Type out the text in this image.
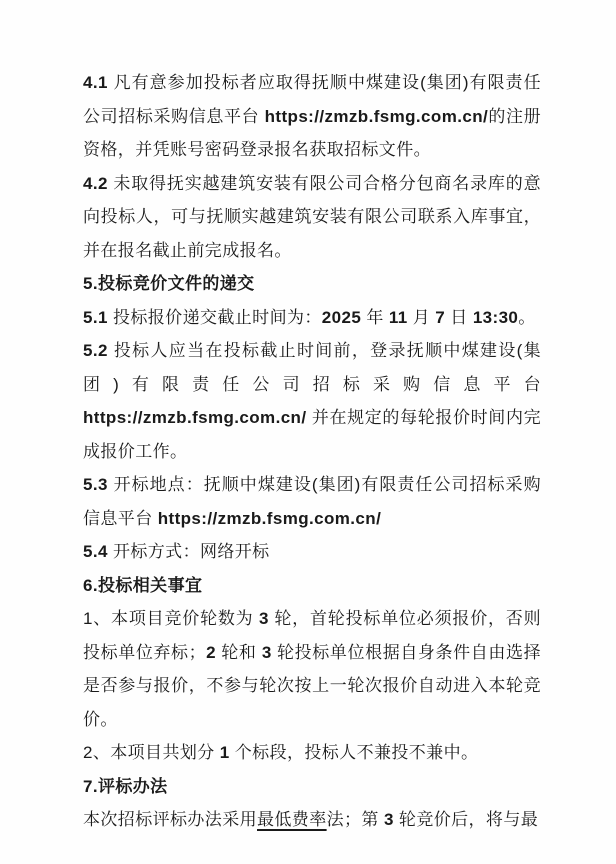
4.1 凡有意参加投标者应取得抚顺中煤建设(集团)有限责任公司招标采购信息平台 https://zmzb.fsmg.com.cn/的注册资格，并凭账号密码登录报名获取招标文件。

4.2 未取得抚实越建筑安装有限公司合格分包商名录库的意向投标人，可与抚顺实越建筑安装有限公司联系入库事宜，并在报名截止前完成报名。

5.投标竞价文件的递交

5.1 投标报价递交截止时间为：2025 年 11 月 7 日 13:30。

5.2 投标人应当在投标截止时间前，登录抚顺中煤建设(集团)有限责任公司招标采购信息平台 https://zmzb.fsmg.com.cn/ 并在规定的每轮报价时间内完成报价工作。

5.3 开标地点：抚顺中煤建设(集团)有限责任公司招标采购信息平台 https://zmzb.fsmg.com.cn/

5.4 开标方式：网络开标

6.投标相关事宜

1、本项目竞价轮数为 3 轮，首轮投标单位必须报价，否则投标单位弃标；2 轮和 3 轮投标单位根据自身条件自由选择是否参与报价，不参与轮次按上一轮次报价自动进入本轮竞价。

2、本项目共划分 1 个标段，投标人不兼投不兼中。

7.评标办法

本次招标评标办法采用最低费率法；第 3 轮竞价后，将与最
